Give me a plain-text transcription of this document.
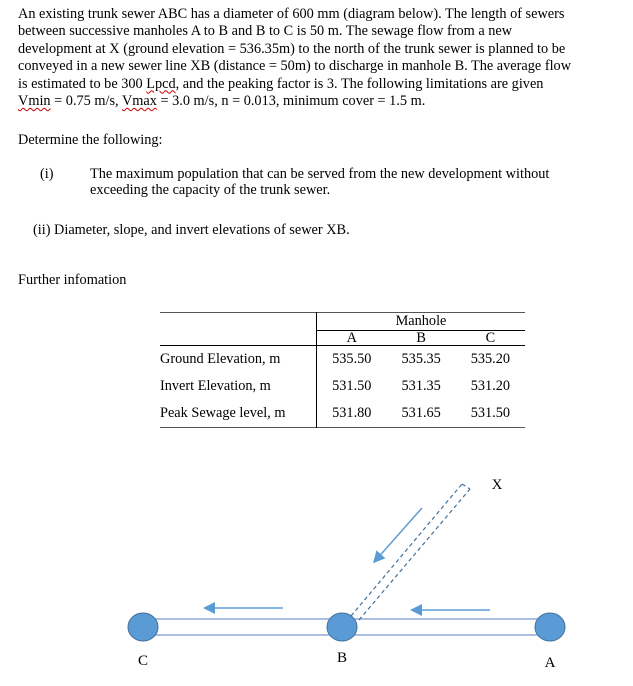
An existing trunk sewer ABC has a diameter of 600 mm (diagram below). The length of sewers
between successive manholes A to B and B to C is 50 m. The sewage flow from a new
development at X (ground elevation = 536.35m) to the north of the trunk sewer is planned to be
conveyed in a new sewer line XB (distance = 50m) to discharge in manhole B. The average flow
is estimated to be 300 Lpcd, and the peaking factor is 3. The following limitations are given
Vmin = 0.75 m/s, Vmax = 3.0 m/s, n = 0.013, minimum cover = 1.5 m.
Determine the following:
(i)	The maximum population that can be served from the new development without
exceeding the capacity of the trunk sewer.
(ii) Diameter, slope, and invert elevations of sewer XB.
Further infomation
	Manhole		
	A	B	C
Ground Elevation, m	535.50	535.35	535.20
Invert Elevation, m	531.50	531.35	531.20
Peak Sewage level, m	531.80	531.65	531.50
X
C	B	A
